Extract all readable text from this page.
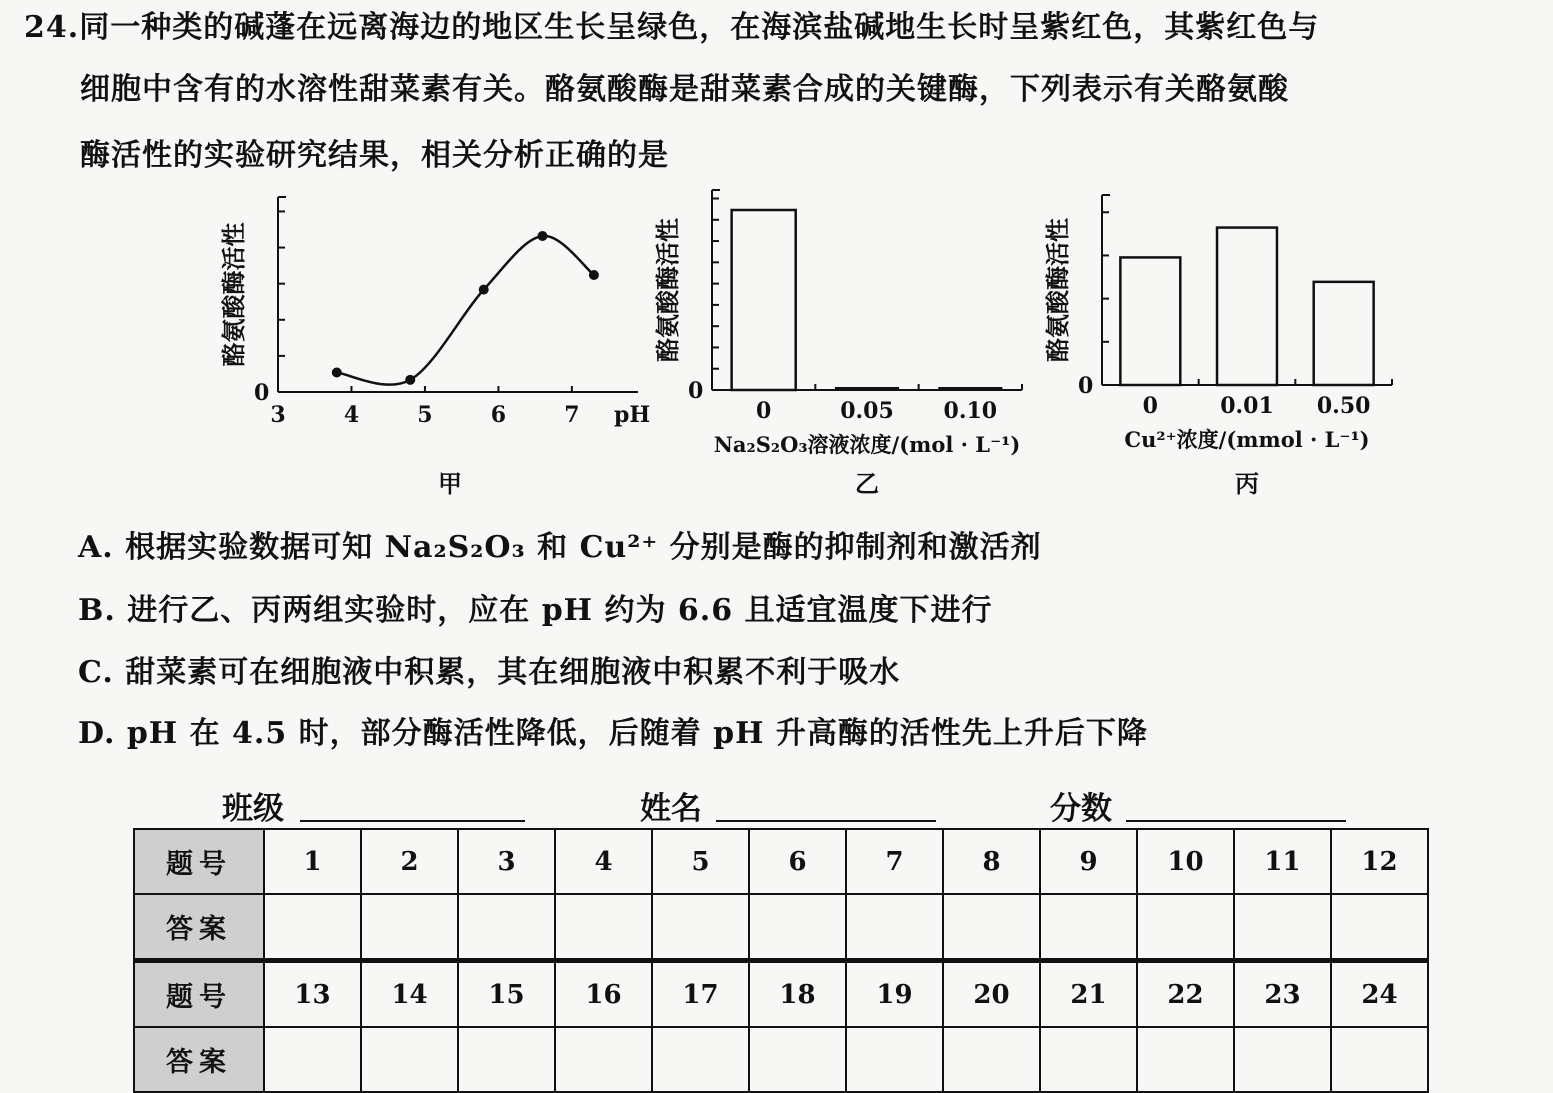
24.同一种类的碱蓬在远离海边的地区生长呈绿色，在海滨盐碱地生长时呈紫红色，其紫红色与
细胞中含有的水溶性甜菜素有关。酪氨酸酶是甜菜素合成的关键酶，下列表示有关酪氨酸
酶活性的实验研究结果，相关分析正确的是
0
酪氨酸酶活性
3	4	5	6	7 pH
甲
0
酪氨酸酶活性
0	0.05 0.10
Na₂S₂O₃溶液浓度/(mol · L⁻¹)
乙
0
酪氨酸酶活性
0	0.01 0.50
Cu²⁺浓度/(mmol · L⁻¹)
丙
A. 根据实验数据可知 Na₂S₂O₃ 和 Cu²⁺ 分别是酶的抑制剂和激活剂
B. 进行乙、丙两组实验时，应在 pH 约为 6.6 且适宜温度下进行
C. 甜菜素可在细胞液中积累，其在细胞液中积累不利于吸水
D. pH 在 4.5 时，部分酶活性降低，后随着 pH 升高酶的活性先上升后下降
班级	姓名	分数
题号	1	2	3	4	5	6	7	8	9	10	11	12
答案												
题号	13	14	15	16	17	18	19	20	21	22	23	24
答案												
